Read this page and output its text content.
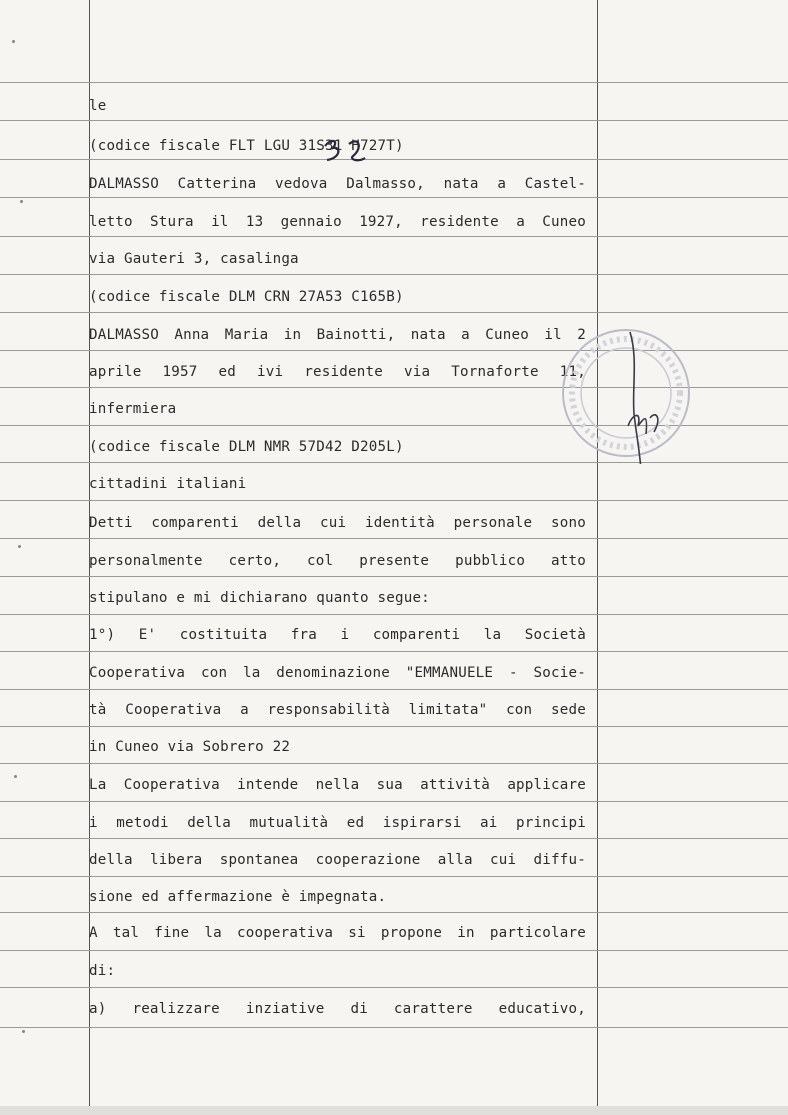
le
(codice fiscale FLT LGU 31S31 H727T)
DALMASSO Catterina vedova Dalmasso, nata a Castel-
letto Stura il 13 gennaio 1927, residente a Cuneo
via Gauteri 3, casalinga
(codice fiscale DLM CRN 27A53 C165B)
DALMASSO Anna Maria in Bainotti, nata a Cuneo il 2
aprile 1957 ed ivi residente via Tornaforte 11,
infermiera
(codice fiscale DLM NMR 57D42 D205L)
cittadini italiani
Detti comparenti della cui identità personale sono
personalmente certo, col presente pubblico atto
stipulano e mi dichiarano quanto segue:
1°) E' costituita fra i comparenti la Società
Cooperativa con la denominazione "EMMANUELE - Socie-
tà Cooperativa a responsabilità limitata" con sede
in Cuneo via Sobrero 22
La Cooperativa intende nella sua attività applicare
i metodi della mutualità ed ispirarsi ai principi
della libera spontanea cooperazione alla cui diffu-
sione ed affermazione è impegnata.
A tal fine la cooperativa si propone in particolare
di:
a) realizzare inziative di carattere educativo,
